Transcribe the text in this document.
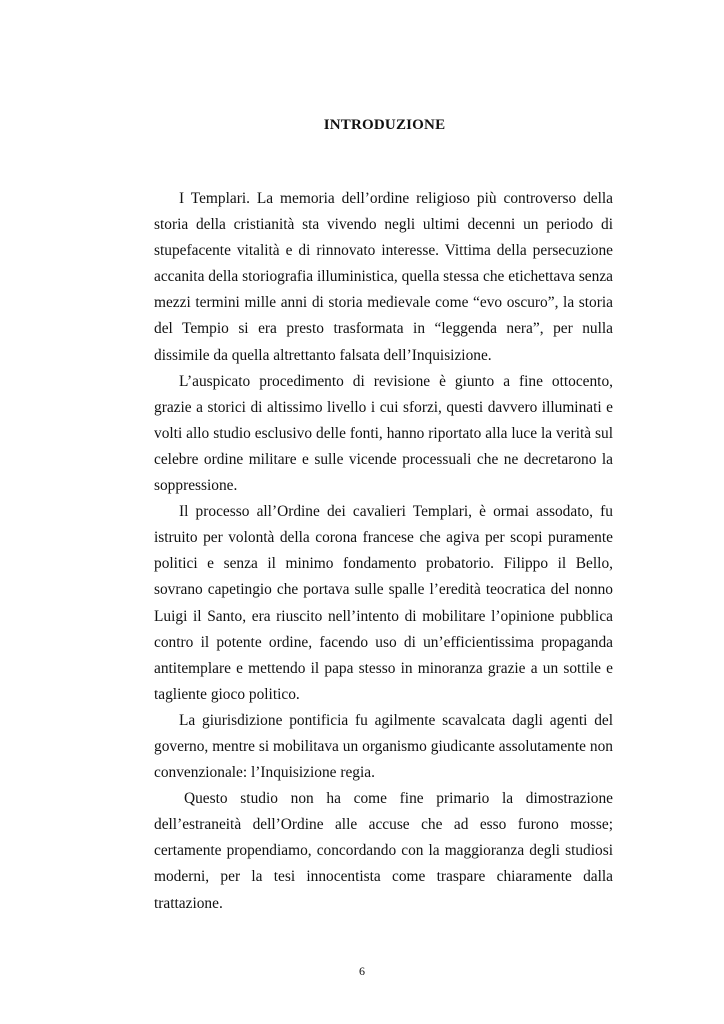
INTRODUZIONE

I Templari. La memoria dell’ordine religioso più controverso della storia della cristianità sta vivendo negli ultimi decenni un periodo di stupefacente vitalità e di rinnovato interesse. Vittima della persecuzione accanita della storiografia illuministica, quella stessa che etichettava senza mezzi termini mille anni di storia medievale come “evo oscuro”, la storia del Tempio si era presto trasformata in “leggenda nera”, per nulla dissimile da quella altrettanto falsata dell’Inquisizione.

L’auspicato procedimento di revisione è giunto a fine ottocento, grazie a storici di altissimo livello i cui sforzi, questi davvero illuminati e volti allo studio esclusivo delle fonti, hanno riportato alla luce la verità sul celebre ordine militare e sulle vicende processuali che ne decretarono la soppressione.

Il processo all’Ordine dei cavalieri Templari, è ormai assodato, fu istruito per volontà della corona francese che agiva per scopi puramente politici e senza il minimo fondamento probatorio. Filippo il Bello, sovrano capetingio che portava sulle spalle l’eredità teocratica del nonno Luigi il Santo, era riuscito nell’intento di mobilitare l’opinione pubblica contro il potente ordine, facendo uso di un’efficientissima propaganda antitemplare e mettendo il papa stesso in minoranza grazie a un sottile e tagliente gioco politico.

La giurisdizione pontificia fu agilmente scavalcata dagli agenti del governo, mentre si mobilitava un organismo giudicante assolutamente non convenzionale: l’Inquisizione regia.

Questo studio non ha come fine primario la dimostrazione dell’estraneità dell’Ordine alle accuse che ad esso furono mosse; certamente propendiamo, concordando con la maggioranza degli studiosi moderni, per la tesi innocentista come traspare chiaramente dalla trattazione.

6
